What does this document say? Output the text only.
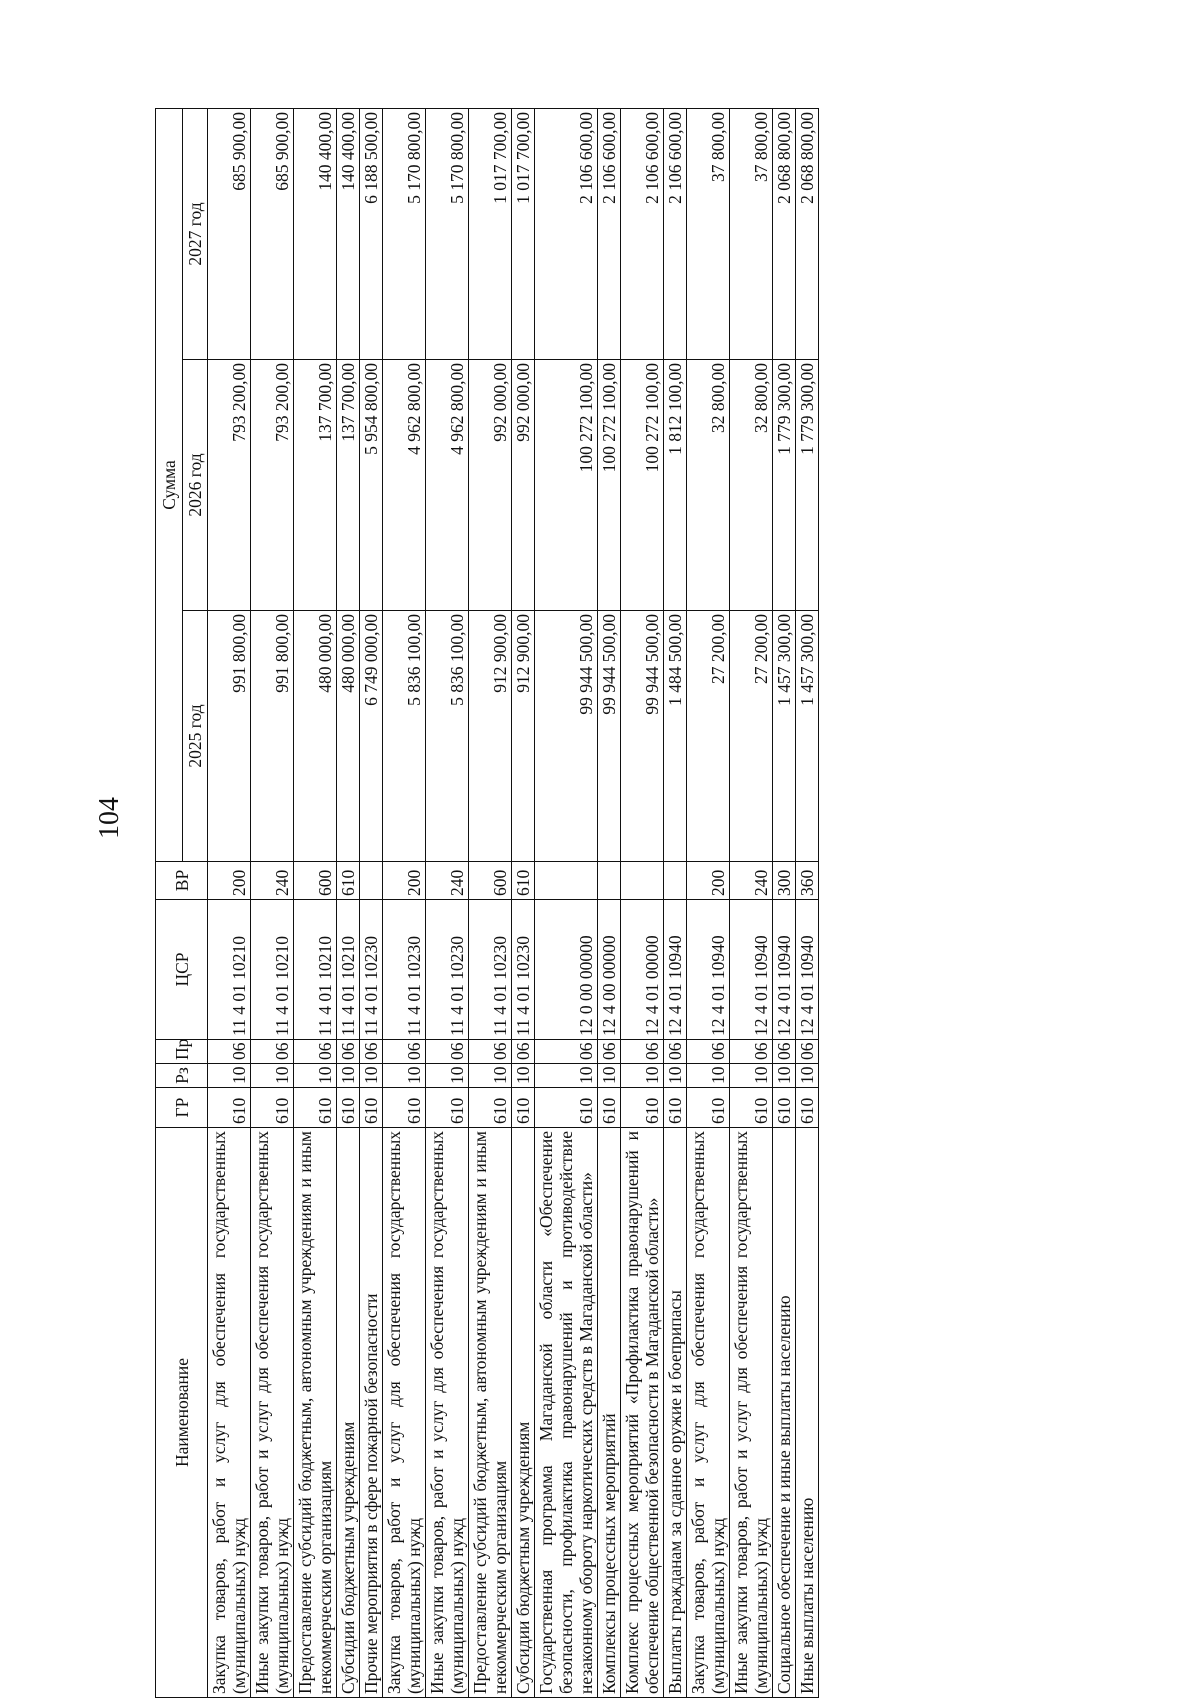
104
Наименование	ГР	Рз	Пр	ЦСР	ВР	Сумма		
						2025 год	2026 год	2027 год
Закупка товаров, работ и услуг для обеспечения государственных (муниципальных) нужд	610	10	06	11 4 01 10210	200	991 800,00	793 200,00	685 900,00
Иные закупки товаров, работ и услуг для обеспечения государственных (муниципальных) нужд	610	10	06	11 4 01 10210	240	991 800,00	793 200,00	685 900,00
Предоставление субсидий бюджетным, автономным учреждениям и иным некоммерческим организациям	610	10	06	11 4 01 10210	600	480 000,00	137 700,00	140 400,00
Субсидии бюджетным учреждениям	610	10	06	11 4 01 10210	610	480 000,00	137 700,00	140 400,00
Прочие мероприятия в сфере пожарной безопасности	610	10	06	11 4 01 10230		6 749 000,00	5 954 800,00	6 188 500,00
Закупка товаров, работ и услуг для обеспечения государственных (муниципальных) нужд	610	10	06	11 4 01 10230	200	5 836 100,00	4 962 800,00	5 170 800,00
Иные закупки товаров, работ и услуг для обеспечения государственных (муниципальных) нужд	610	10	06	11 4 01 10230	240	5 836 100,00	4 962 800,00	5 170 800,00
Предоставление субсидий бюджетным, автономным учреждениям и иным некоммерческим организациям	610	10	06	11 4 01 10230	600	912 900,00	992 000,00	1 017 700,00
Субсидии бюджетным учреждениям	610	10	06	11 4 01 10230	610	912 900,00	992 000,00	1 017 700,00
Государственная программа Магаданской области «Обеспечение безопасности, профилактика правонарушений и противодействие незаконному обороту наркотических средств в Магаданской области»	610	10	06	12 0 00 00000		99 944 500,00	100 272 100,00	2 106 600,00
Комплексы процессных мероприятий	610	10	06	12 4 00 00000		99 944 500,00	100 272 100,00	2 106 600,00
Комплекс процессных мероприятий «Профилактика правонарушений и обеспечение общественной безопасности в Магаданской области»	610	10	06	12 4 01 00000		99 944 500,00	100 272 100,00	2 106 600,00
Выплаты гражданам за сданное оружие и боеприпасы	610	10	06	12 4 01 10940		1 484 500,00	1 812 100,00	2 106 600,00
Закупка товаров, работ и услуг для обеспечения государственных (муниципальных) нужд	610	10	06	12 4 01 10940	200	27 200,00	32 800,00	37 800,00
Иные закупки товаров, работ и услуг для обеспечения государственных (муниципальных) нужд	610	10	06	12 4 01 10940	240	27 200,00	32 800,00	37 800,00
Социальное обеспечение и иные выплаты населению	610	10	06	12 4 01 10940	300	1 457 300,00	1 779 300,00	2 068 800,00
Иные выплаты населению	610	10	06	12 4 01 10940	360	1 457 300,00	1 779 300,00	2 068 800,00
